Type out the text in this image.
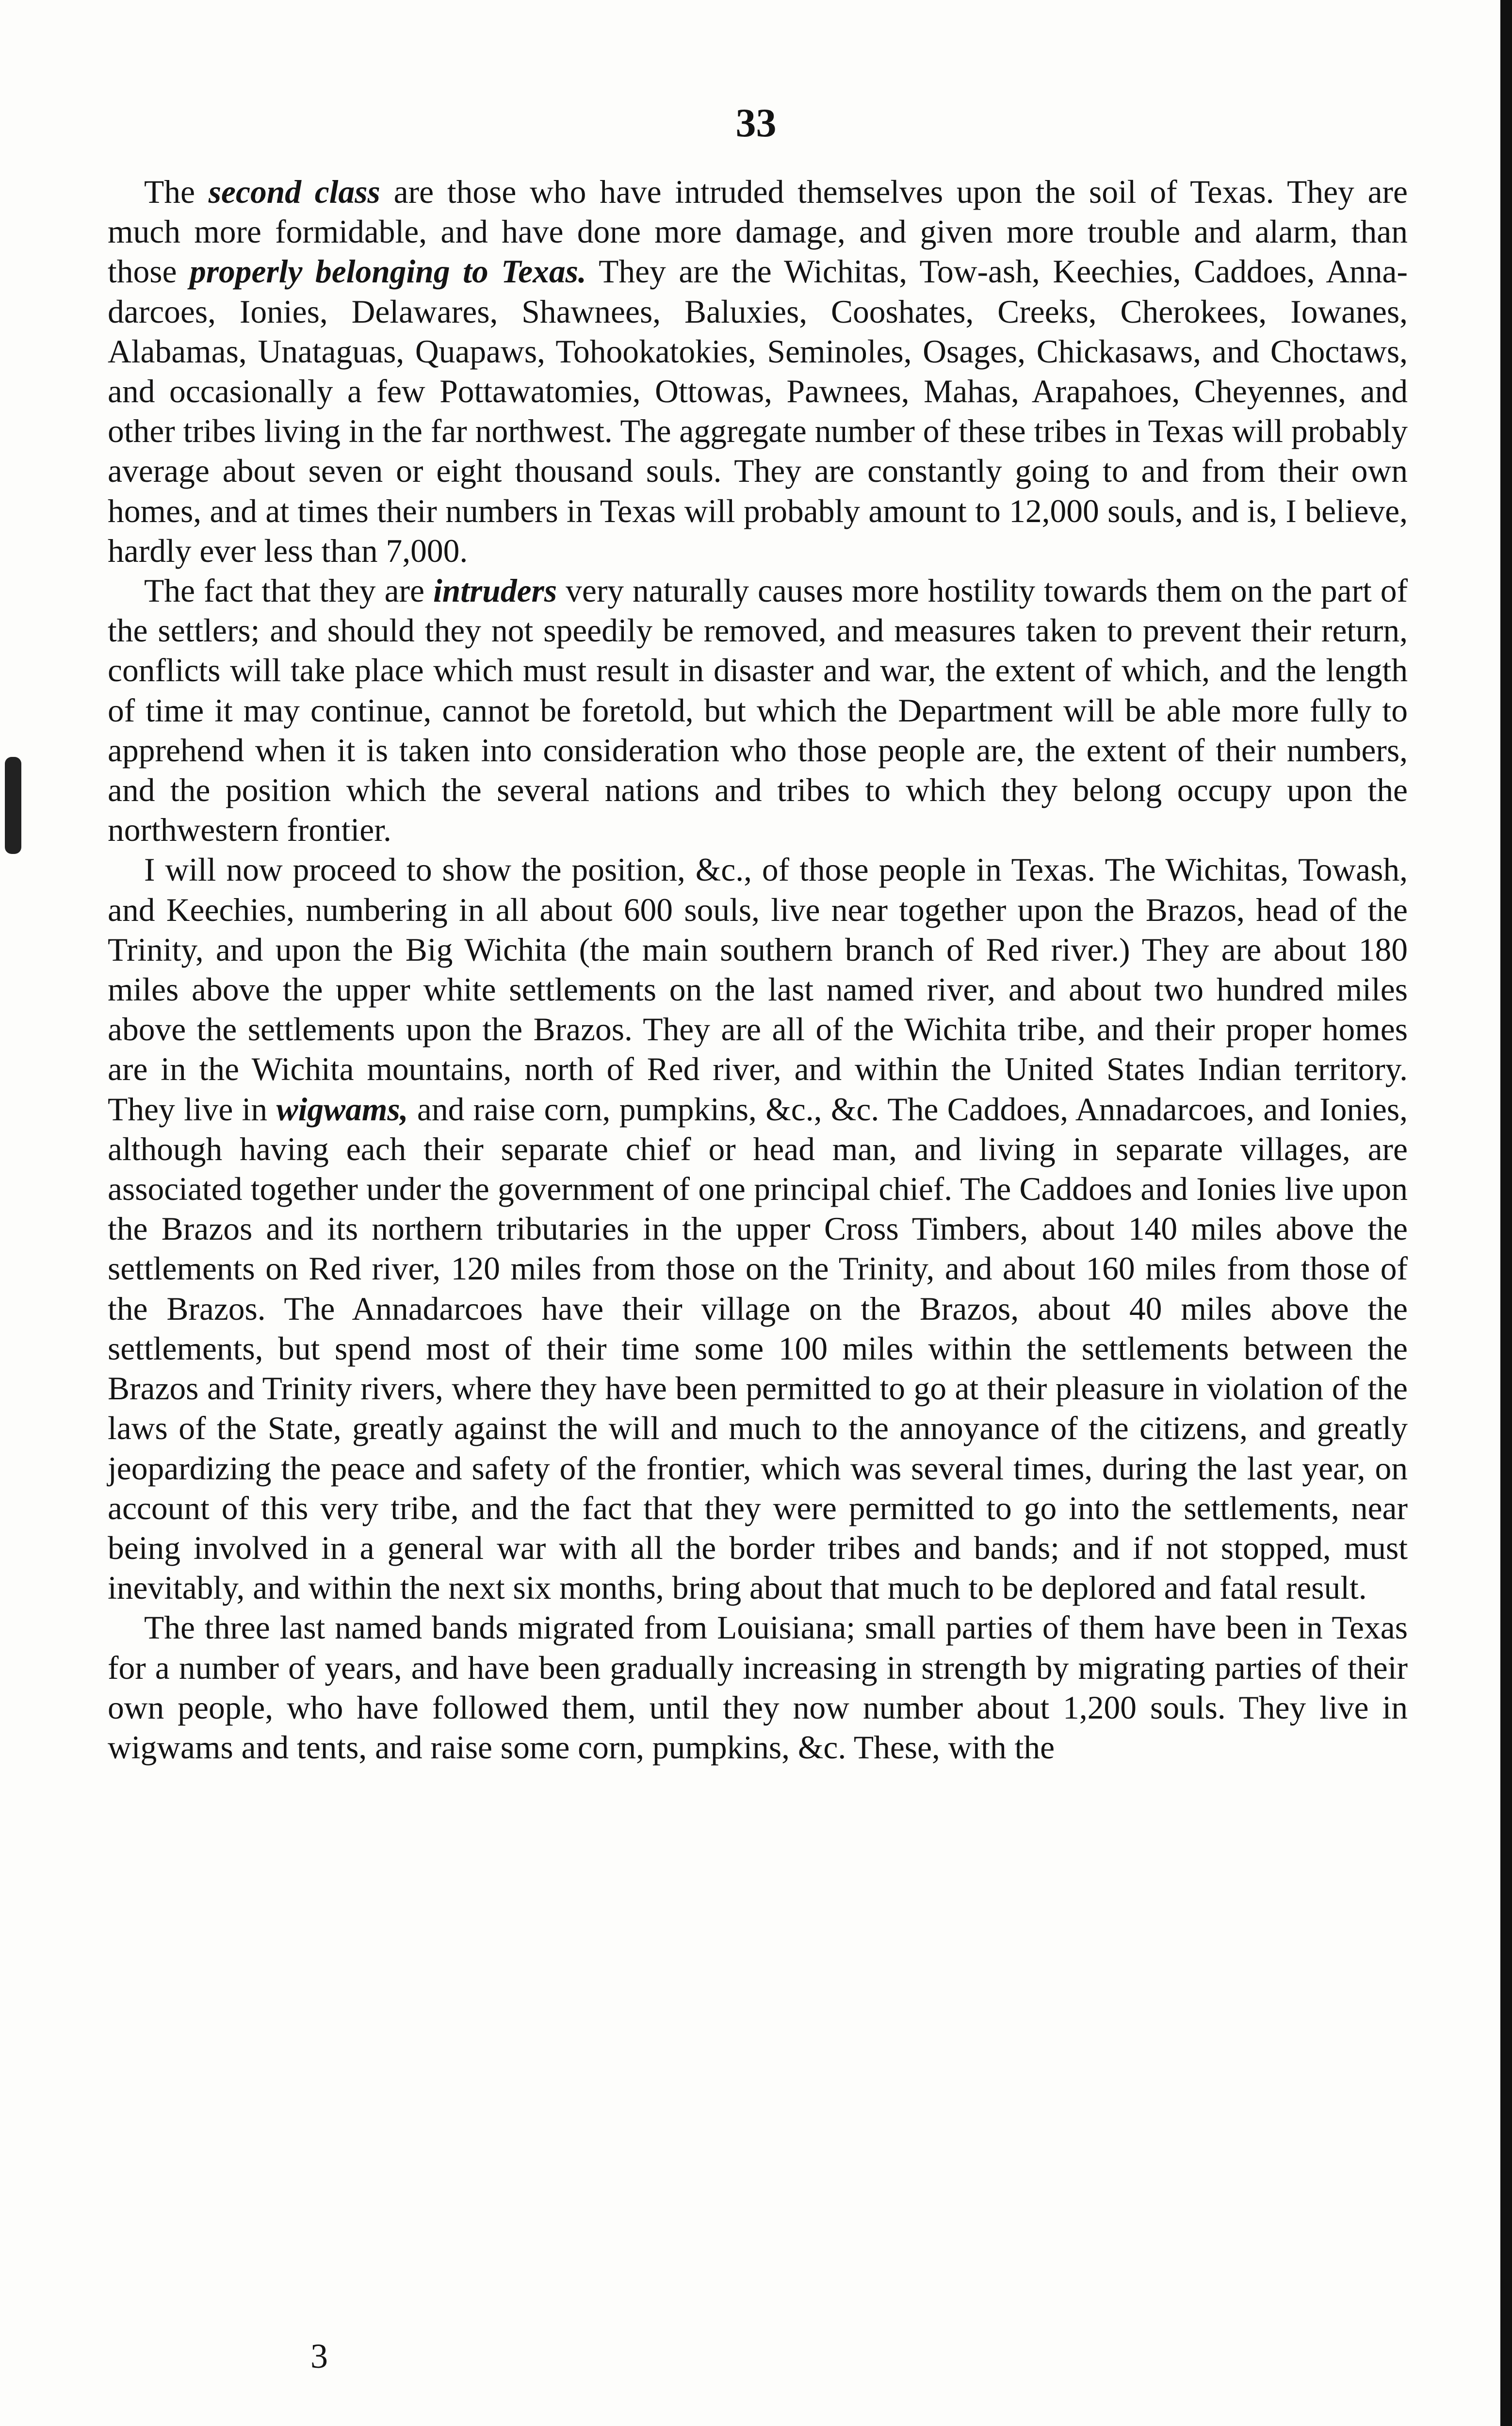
33

The second class are those who have intruded themselves upon the soil of Texas. They are much more formidable, and have done more damage, and given more trouble and alarm, than those properly belonging to Texas. They are the Wichitas, Tow-ash, Keechies, Caddoes, Anna-darcoes, Ionies, Delawares, Shawnees, Baluxies, Cooshates, Creeks, Cherokees, Iowanes, Alabamas, Unataguas, Quapaws, Tohookatokies, Seminoles, Osages, Chickasaws, and Choctaws, and occasionally a few Pottawatomies, Ottowas, Pawnees, Mahas, Arapahoes, Cheyennes, and other tribes living in the far northwest. The aggregate number of these tribes in Texas will probably average about seven or eight thousand souls. They are constantly going to and from their own homes, and at times their numbers in Texas will probably amount to 12,000 souls, and is, I believe, hardly ever less than 7,000.

The fact that they are intruders very naturally causes more hostility towards them on the part of the settlers; and should they not speedily be removed, and measures taken to prevent their return, conflicts will take place which must result in disaster and war, the extent of which, and the length of time it may continue, cannot be foretold, but which the Department will be able more fully to apprehend when it is taken into consideration who those people are, the extent of their numbers, and the position which the several nations and tribes to which they belong occupy upon the northwestern frontier.

I will now proceed to show the position, &c., of those people in Texas. The Wichitas, Towash, and Keechies, numbering in all about 600 souls, live near together upon the Brazos, head of the Trinity, and upon the Big Wichita (the main southern branch of Red river.) They are about 180 miles above the upper white settlements on the last named river, and about two hundred miles above the settlements upon the Brazos. They are all of the Wichita tribe, and their proper homes are in the Wichita mountains, north of Red river, and within the United States Indian territory. They live in wigwams, and raise corn, pumpkins, &c., &c. The Caddoes, Annadarcoes, and Ionies, although having each their separate chief or head man, and living in separate villages, are associated together under the government of one principal chief. The Caddoes and Ionies live upon the Brazos and its northern tributaries in the upper Cross Timbers, about 140 miles above the settlements on Red river, 120 miles from those on the Trinity, and about 160 miles from those of the Brazos. The Annadarcoes have their village on the Brazos, about 40 miles above the settlements, but spend most of their time some 100 miles within the settlements between the Brazos and Trinity rivers, where they have been permitted to go at their pleasure in violation of the laws of the State, greatly against the will and much to the annoyance of the citizens, and greatly jeopardizing the peace and safety of the frontier, which was several times, during the last year, on account of this very tribe, and the fact that they were permitted to go into the settlements, near being involved in a general war with all the border tribes and bands; and if not stopped, must inevitably, and within the next six months, bring about that much to be deplored and fatal result.

The three last named bands migrated from Louisiana; small parties of them have been in Texas for a number of years, and have been gradually increasing in strength by migrating parties of their own people, who have followed them, until they now number about 1,200 souls. They live in wigwams and tents, and raise some corn, pumpkins, &c. These, with the

3
